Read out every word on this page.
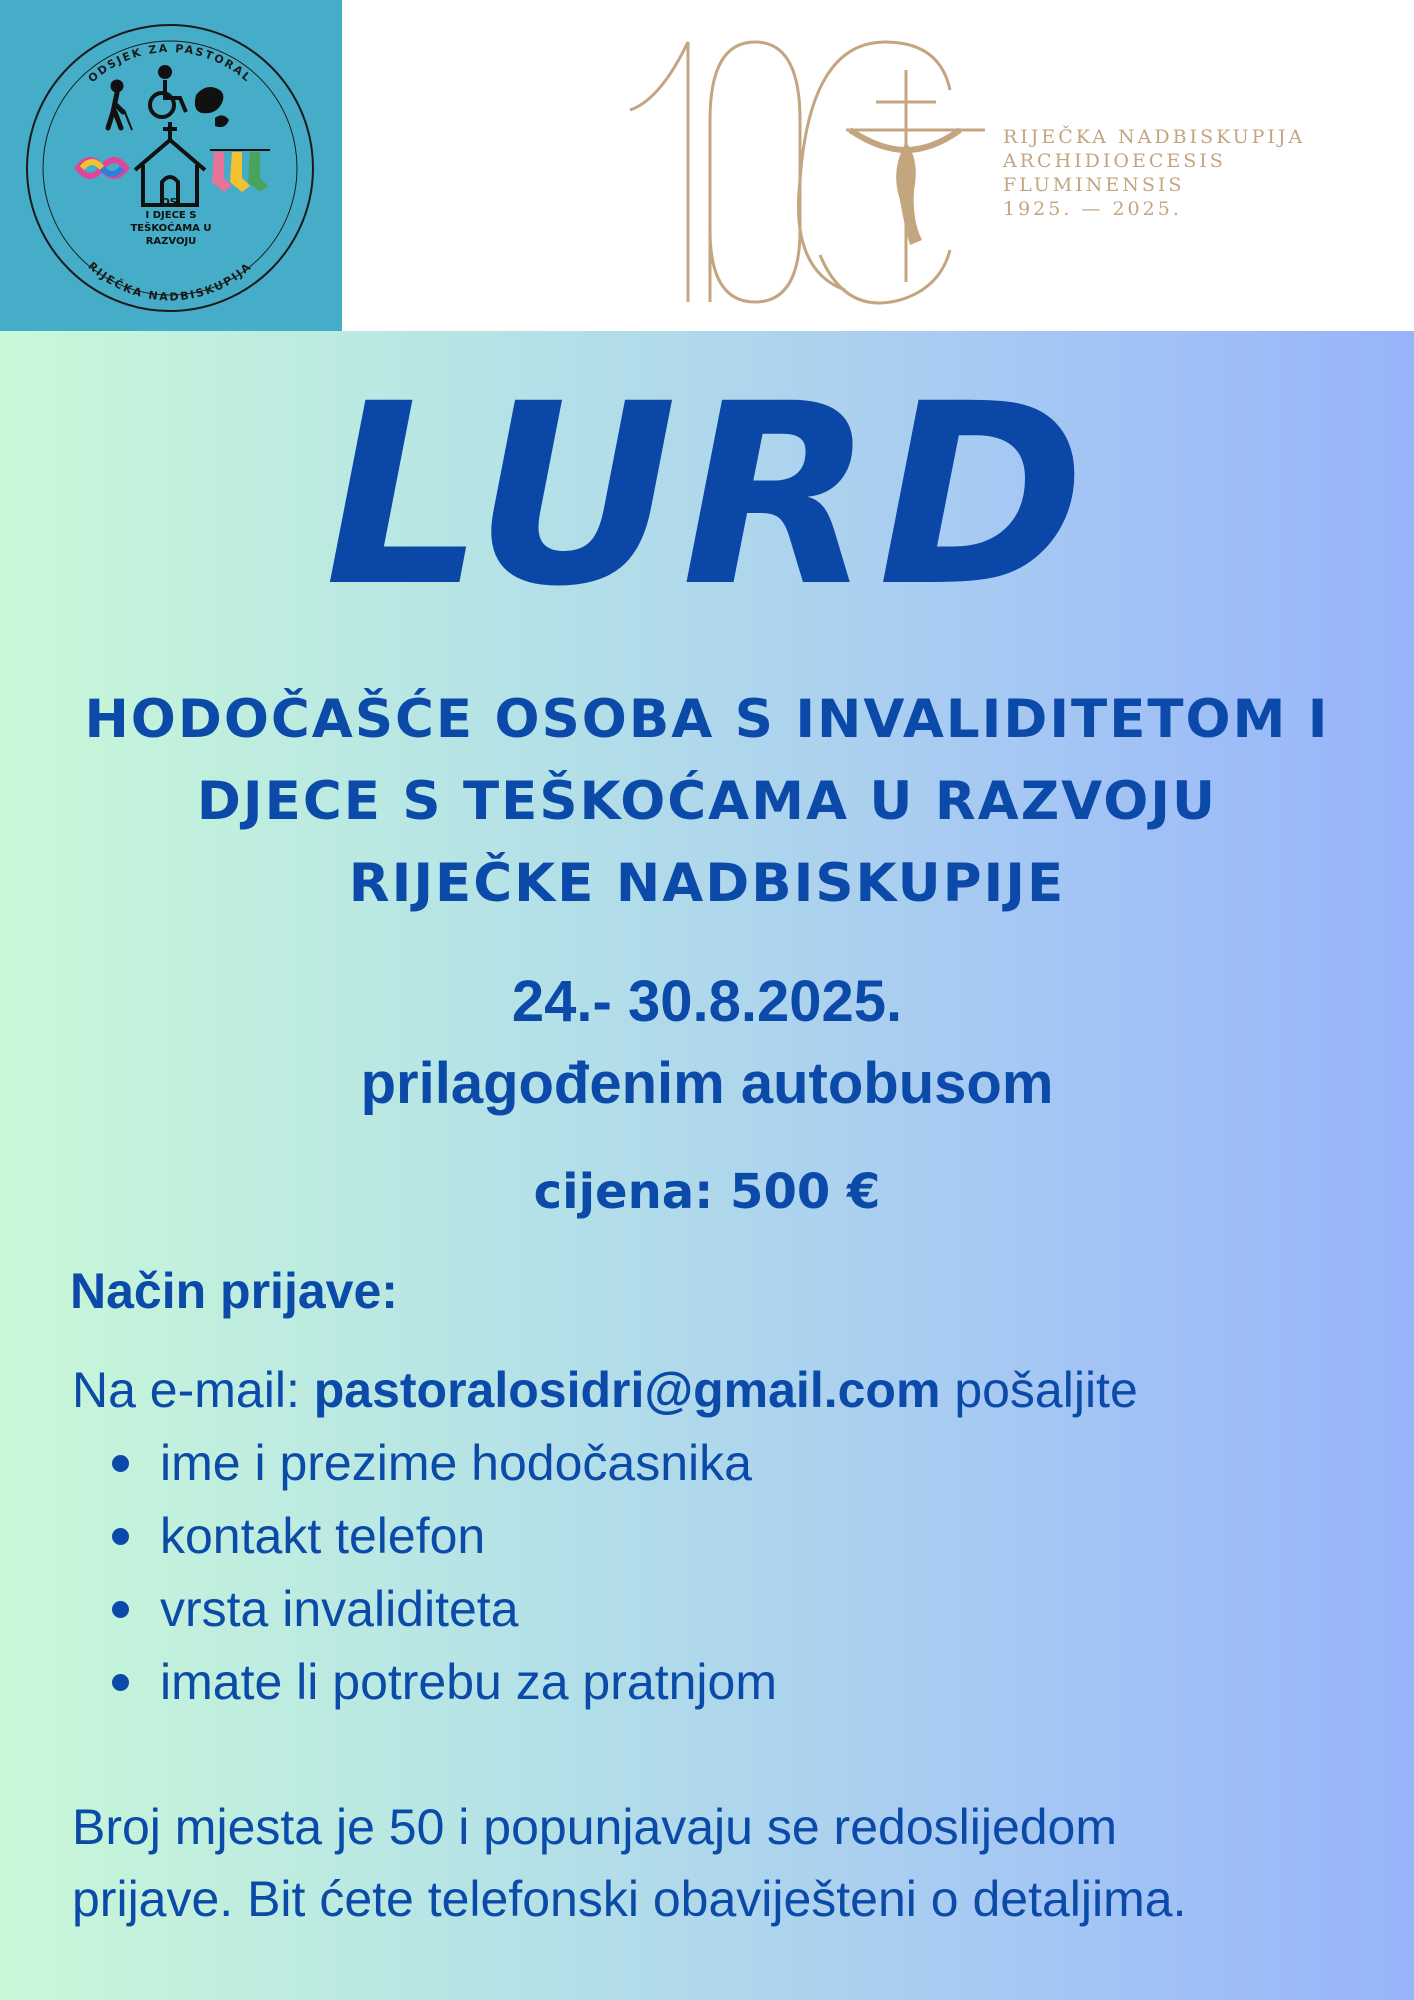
ODSJEK ZA PASTORAL
RIJEČKA NADBISKUPIJA
OSI
I DJECE S
TEŠKOĆAMA U
RAZVOJU
RIJEČKA NADBISKUPIJA
ARCHIDIOECESIS
FLUMINENSIS
1925. — 2025.
LURD
HODOČAŠĆE OSOBA S INVALIDITETOM I
DJECE S TEŠKOĆAMA U RAZVOJU
RIJEČKE NADBISKUPIJE
24.- 30.8.2025.
prilagođenim autobusom
cijena: 500 €
Način prijave:
Na e-mail: pastoralosidri@gmail.com pošaljite
ime i prezime hodočasnika
kontakt telefon
vrsta invaliditeta
imate li potrebu za pratnjom
Broj mjesta je 50 i popunjavaju se redoslijedom
prijave. Bit ćete telefonski obaviješteni o detaljima.
